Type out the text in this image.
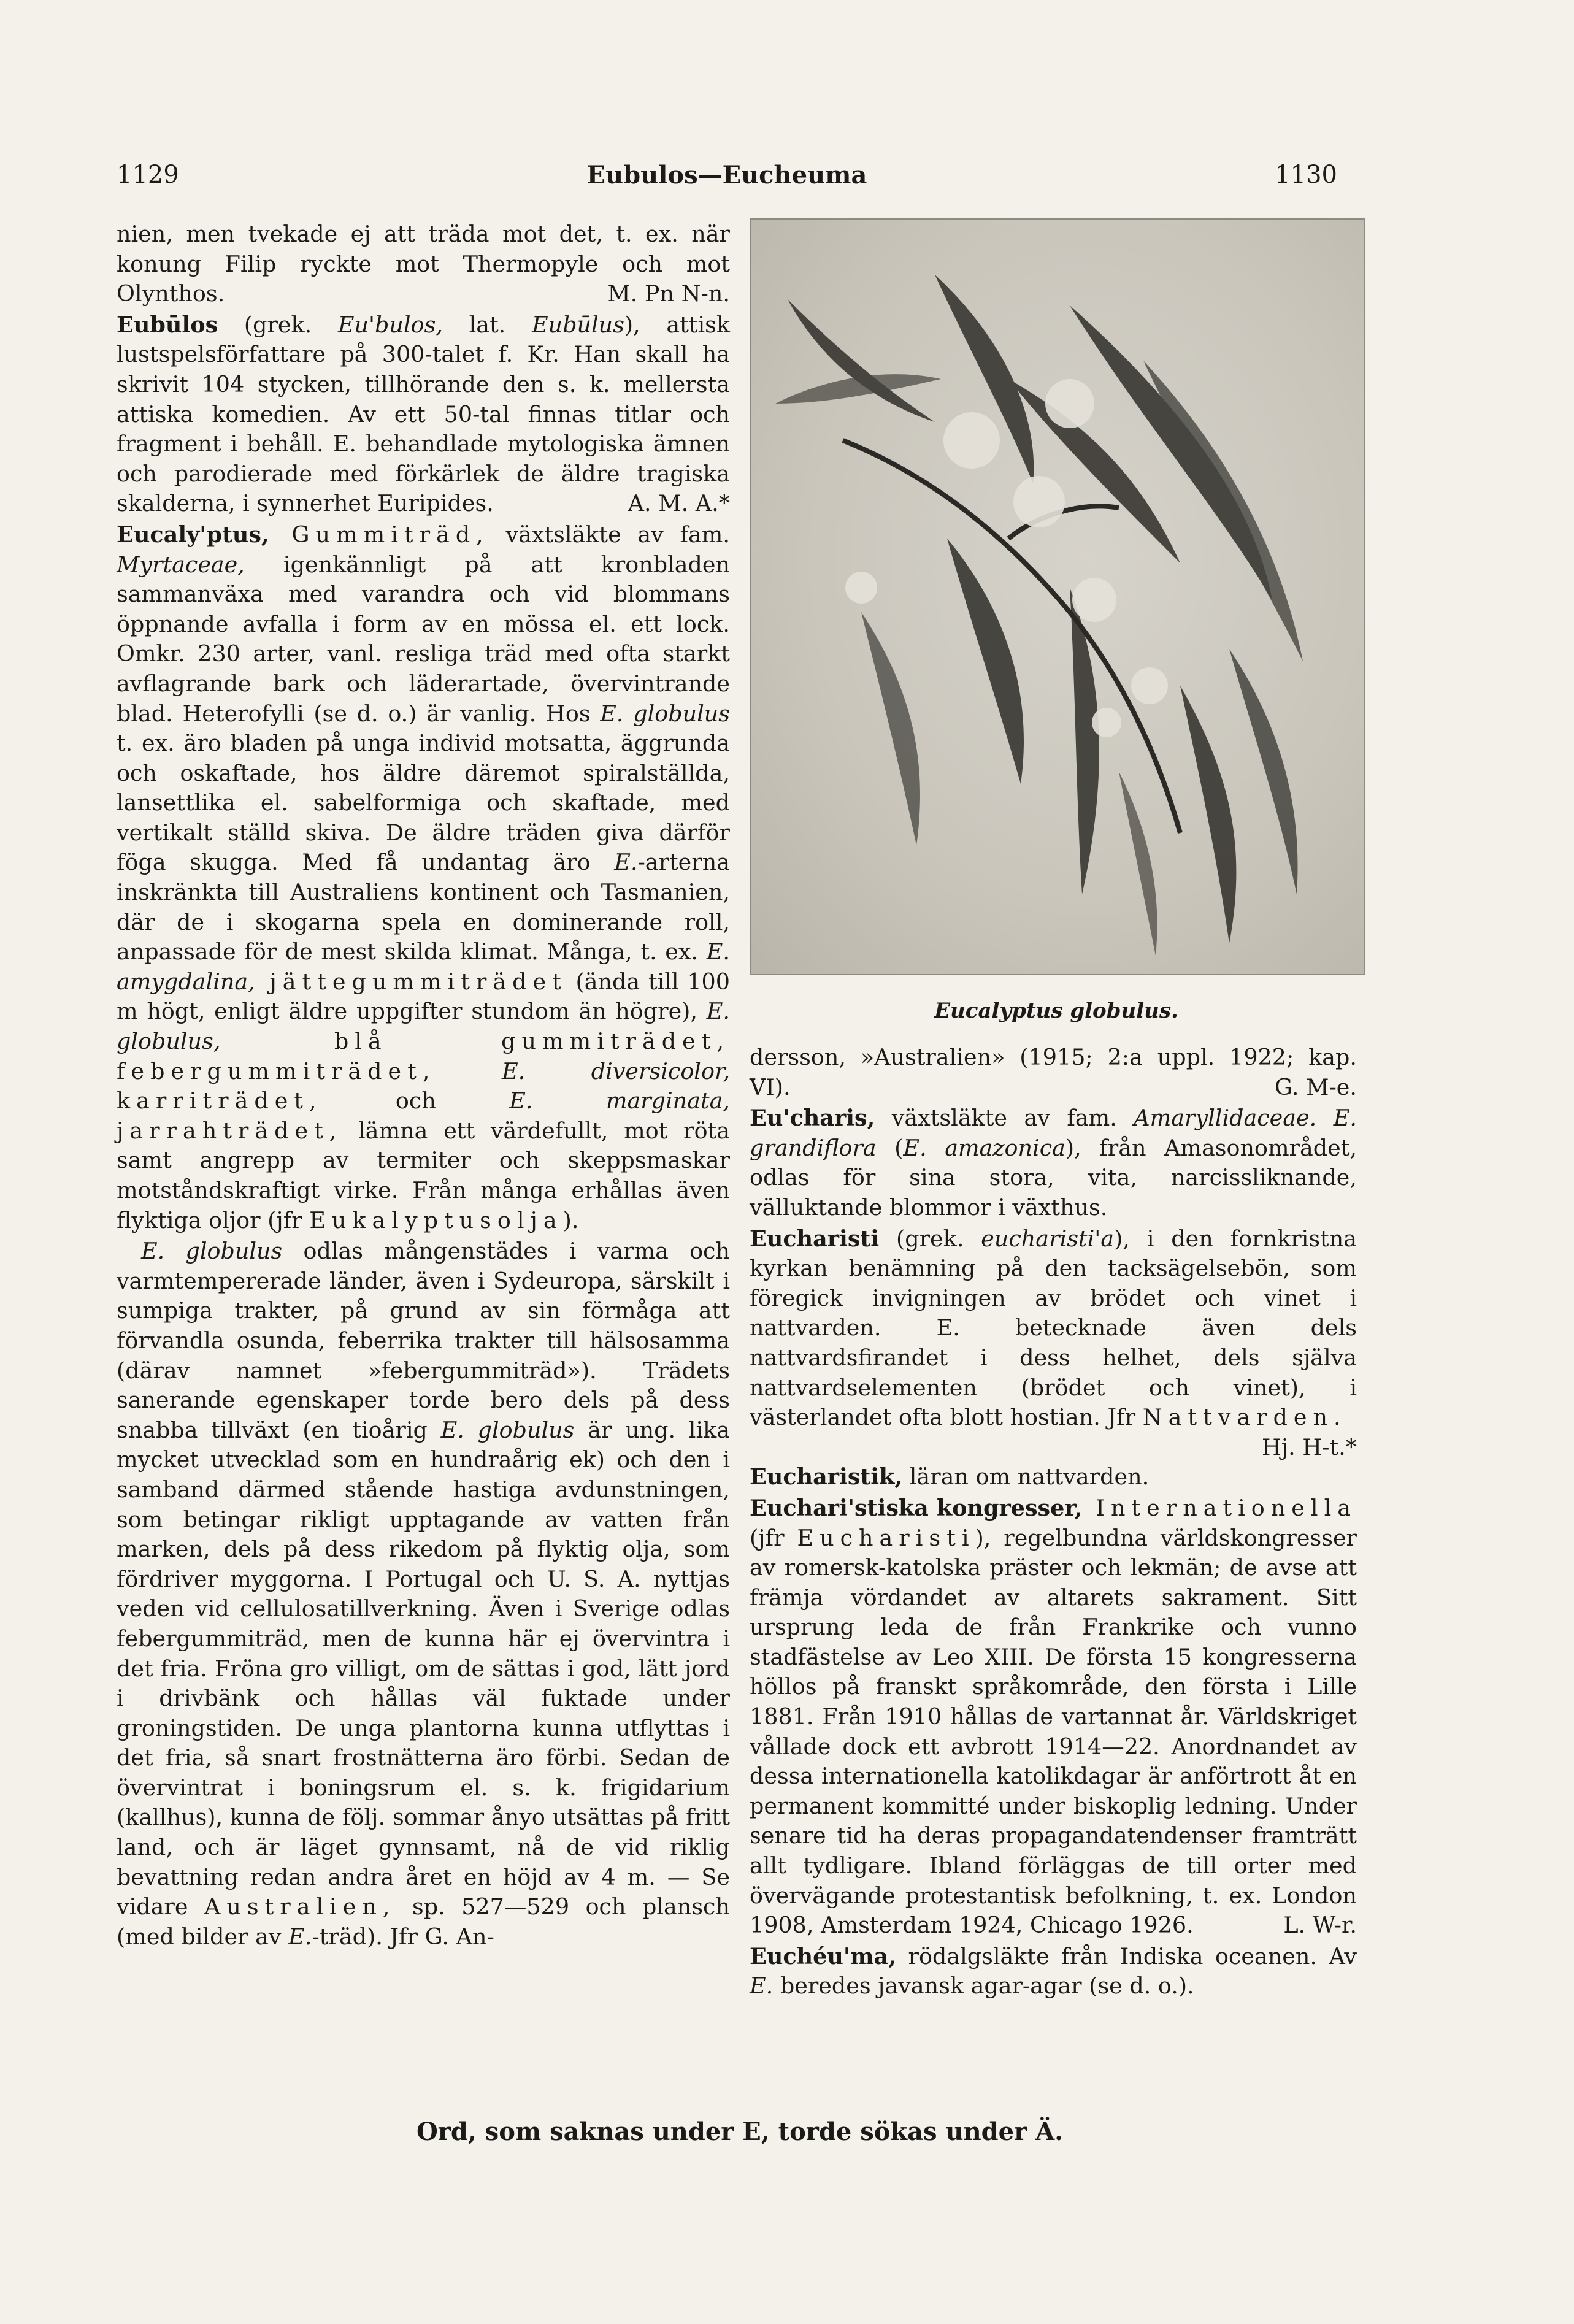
1129	Eubulos—Eucheuma	1130

nien, men tvekade ej att träda mot det, t. ex. när konung Filip ryckte mot Thermopyle och mot Olynthos.	M. Pn N-n.

Eubūlos (grek. Eu'bulos, lat. Eubūlus), attisk lustspelsförfattare på 300-talet f. Kr. Han skall ha skrivit 104 stycken, tillhörande den s. k. mellersta attiska komedien. Av ett 50-tal finnas titlar och fragment i behåll. E. behandlade mytologiska ämnen och parodierade med förkärlek de äldre tragiska skalderna, i synnerhet Euripides.	A. M. A.*

Eucaly'ptus, Gummiträd, växtsläkte av fam. Myrtaceae, igenkännligt på att kronbladen sammanväxa med varandra och vid blommans öppnande avfalla i form av en mössa el. ett lock. Omkr. 230 arter, vanl. resliga träd med ofta starkt avflagrande bark och läderartade, övervintrande blad. Heterofylli (se d. o.) är vanlig. Hos E. globulus t. ex. äro bladen på unga individ motsatta, äggrunda och oskaftade, hos äldre däremot spiralställda, lansettlika el. sabelformiga och skaftade, med vertikalt ställd skiva. De äldre träden giva därför föga skugga. Med få undantag äro E.-arterna inskränkta till Australiens kontinent och Tasmanien, där de i skogarna spela en dominerande roll, anpassade för de mest skilda klimat. Många, t. ex. E. amygdalina, jättegummiträdet (ända till 100 m högt, enligt äldre uppgifter stundom än högre), E. globulus, blå gummiträdet, febergummiträdet,	E. diversicolor, karriträdet, och E. marginata, jarrahträdet, lämna ett värdefullt, mot röta samt angrepp av termiter och skeppsmaskar motståndskraftigt virke. Från många erhållas även flyktiga oljor (jfr Eukalyptusolja).

E. globulus odlas mångenstädes i varma och varmtempererade länder, även i Sydeuropa, särskilt i sumpiga trakter, på grund av sin förmåga att förvandla osunda, feberrika trakter till hälsosamma (därav namnet »febergummiträd»). Trädets sanerande egenskaper torde bero dels på dess snabba tillväxt (en tioårig E. globulus är ung. lika mycket utvecklad som en hundraårig ek) och den i samband därmed stående hastiga avdunstningen, som betingar rikligt upptagande av vatten från marken, dels på dess rikedom på flyktig olja, som fördriver myggorna. I Portugal och U. S. A. nyttjas veden vid cellulosatillverkning. Även i Sverige odlas febergummiträd, men de kunna här ej övervintra i det fria. Fröna gro villigt, om de sättas i god, lätt jord i drivbänk och hållas väl fuktade under groningstiden. De unga plantorna kunna utflyttas i det fria, så snart frostnätterna äro förbi. Sedan de övervintrat i boningsrum el. s. k. frigidarium (kallhus), kunna de följ. sommar ånyo utsättas på fritt land, och är läget gynnsamt, nå de vid riklig bevattning redan andra året en höjd av 4 m. — Se vidare Australien, sp. 527—529 och plansch (med bilder av E.-träd). Jfr G. An-

Eucalyptus globulus.

dersson, »Australien» (1915; 2:a uppl. 1922; kap. VI).	G. M-e.

Eu'charis, växtsläkte av fam. Amaryllidaceae. E. grandiflora (E. amazonica), från Amasonområdet, odlas för sina stora, vita, narcissliknande, välluktande blommor i växthus.

Eucharisti (grek. eucharisti'a), i den fornkristna kyrkan benämning på den tacksägelsebön, som föregick invigningen av brödet och vinet i nattvarden. E. betecknade även dels nattvardsfirandet i dess helhet, dels själva nattvardselementen (brödet och vinet), i västerlandet ofta blott hostian. Jfr Nattvarden.
Hj. H-t.*

Eucharistik, läran om nattvarden.

Euchari'stiska kongresser, Internationella (jfr Eucharisti), regelbundna världskongresser av romersk-katolska präster och lekmän; de avse att främja vördandet av altarets sakrament. Sitt ursprung leda de från Frankrike och vunno stadfästelse av Leo XIII. De första 15 kongresserna höllos på franskt språkområde, den första i Lille 1881. Från 1910 hållas de vartannat år. Världskriget vållade dock ett avbrott 1914—22. Anordnandet av dessa internationella katolikdagar är anförtrott åt en permanent kommitté under biskoplig ledning. Under senare tid ha deras propagandatendenser framträtt allt tydligare. Ibland förläggas de till orter med övervägande protestantisk befolkning, t. ex. London 1908, Amsterdam 1924, Chicago 1926.	L. W-r.

Euchéu'ma, rödalgsläkte från Indiska oceanen. Av E. beredes javansk agar-agar (se d. o.).

Ord, som saknas under E, torde sökas under Ä.
